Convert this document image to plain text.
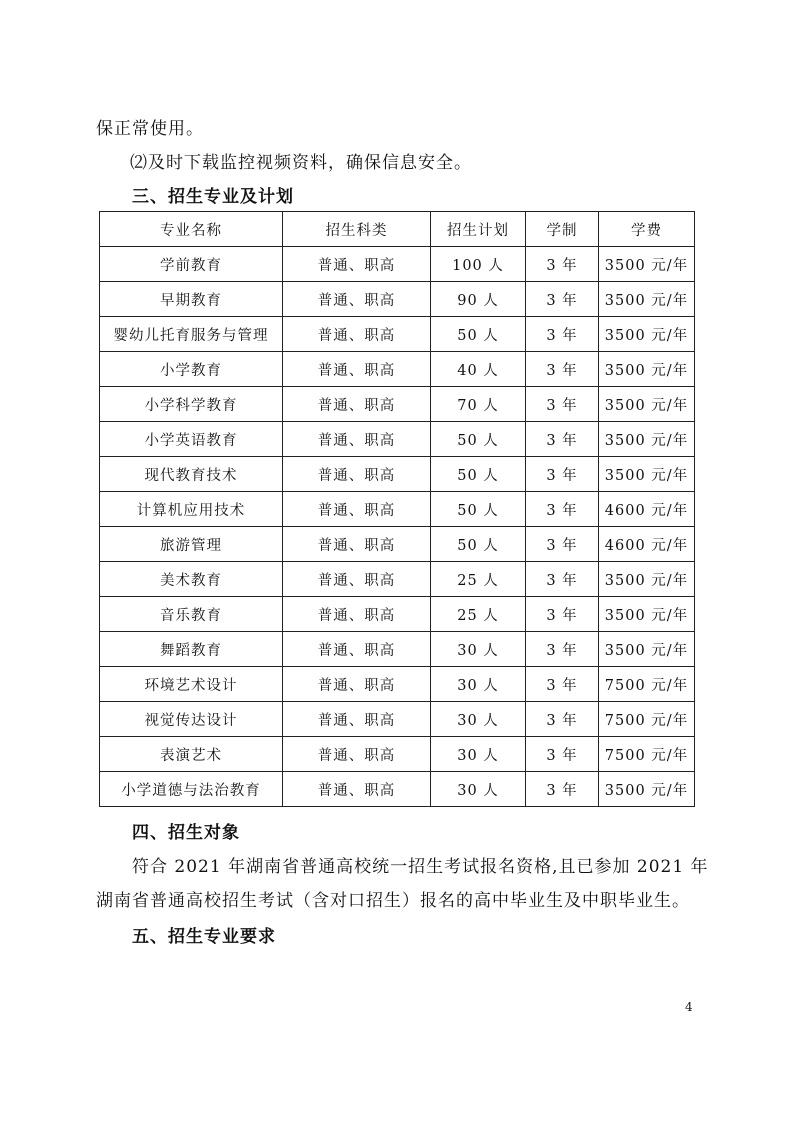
保正常使用。
⑵及时下载监控视频资料，确保信息安全。
三、招生专业及计划
专业名称	招生科类	招生计划	学制	学费
学前教育	普通、职高	100 人	3 年	3500 元/年
早期教育	普通、职高	90 人	3 年	3500 元/年
婴幼儿托育服务与管理	普通、职高	50 人	3 年	3500 元/年
小学教育	普通、职高	40 人	3 年	3500 元/年
小学科学教育	普通、职高	70 人	3 年	3500 元/年
小学英语教育	普通、职高	50 人	3 年	3500 元/年
现代教育技术	普通、职高	50 人	3 年	3500 元/年
计算机应用技术	普通、职高	50 人	3 年	4600 元/年
旅游管理	普通、职高	50 人	3 年	4600 元/年
美术教育	普通、职高	25 人	3 年	3500 元/年
音乐教育	普通、职高	25 人	3 年	3500 元/年
舞蹈教育	普通、职高	30 人	3 年	3500 元/年
环境艺术设计	普通、职高	30 人	3 年	7500 元/年
视觉传达设计	普通、职高	30 人	3 年	7500 元/年
表演艺术	普通、职高	30 人	3 年	7500 元/年
小学道德与法治教育	普通、职高	30 人	3 年	3500 元/年
四、招生对象
　　符合 2021 年湖南省普通高校统一招生考试报名资格,且已参加 2021 年
湖南省普通高校招生考试（含对口招生）报名的高中毕业生及中职毕业生。
五、招生专业要求
4
